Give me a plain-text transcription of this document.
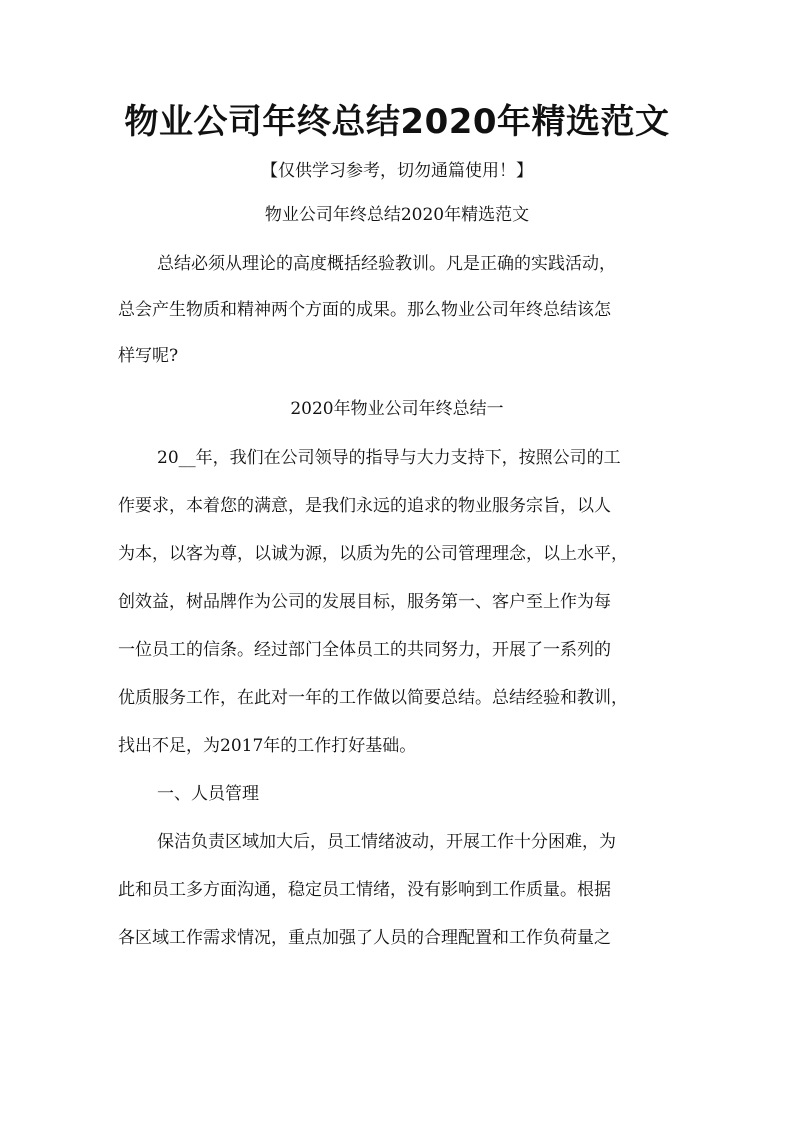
物业公司年终总结2020年精选范文

【仅供学习参考，切勿通篇使用！】

物业公司年终总结2020年精选范文

总结必须从理论的高度概括经验教训。凡是正确的实践活动，
总会产生物质和精神两个方面的成果。那么物业公司年终总结该怎
样写呢?

2020年物业公司年终总结一

20__年，我们在公司领导的指导与大力支持下，按照公司的工
作要求，本着您的满意，是我们永远的追求的物业服务宗旨，以人
为本，以客为尊，以诚为源，以质为先的公司管理理念，以上水平，
创效益，树品牌作为公司的发展目标，服务第一、客户至上作为每
一位员工的信条。经过部门全体员工的共同努力，开展了一系列的
优质服务工作，在此对一年的工作做以简要总结。总结经验和教训，
找出不足，为2017年的工作打好基础。
一、人员管理
保洁负责区域加大后，员工情绪波动，开展工作十分困难，为
此和员工多方面沟通，稳定员工情绪，没有影响到工作质量。根据
各区域工作需求情况，重点加强了人员的合理配置和工作负荷量之
